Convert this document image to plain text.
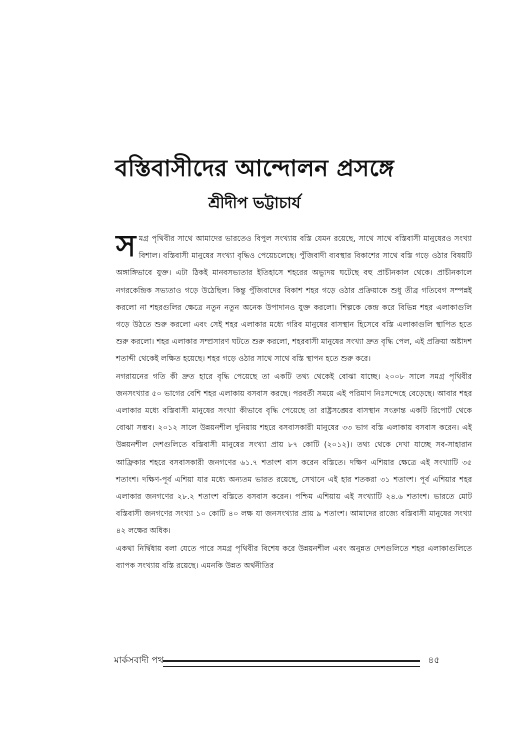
বস্তিবাসীদের আন্দোলন প্রসঙ্গে
শ্রীদীপ ভট্টাচার্য

সমগ্র পৃথিবীর সাথে আমাদের ভারতেও বিপুল সংখ্যায় বস্তি যেমন রয়েছে, সাথে সাথে বস্তিবাসী মানুষেরও সংখ্যা বিশাল। বস্তিবাসী মানুষের সংখ্যা বৃদ্ধিও পেয়েচলেছে। পুঁজিবাদী ব্যবস্থার বিকাশের সাথে বস্তি গড়ে ওঠার বিষয়টি অঙ্গাঙ্গিভাবে যুক্ত। এটা ঠিকই মানবসভ্যতার ইতিহাসে শহরের অভ্যুদয় ঘটেছে বহু প্রাচীনকাল থেকে। প্রাচীনকালে নগরকেন্দ্রিক সভ্যতাও গড়ে উঠেছিল। কিন্তু পুঁজিবাদের বিকাশ শহর গড়ে ওঠার প্রক্রিয়াকে শুধু তীব্র গতিবেগ সম্পন্নই করলো না শহরগুলির ক্ষেত্রে নতুন নতুন অনেক উপাদানও যুক্ত করলো। শিল্পকে কেন্দ্র করে বিভিন্ন শহর এলাকাগুলি গড়ে উঠতে শুরু করলো এবং সেই শহর এলাকার মধ্যে গরিব মানুষের বাসস্থান হিসেবে বস্তি এলাকাগুলি স্থাপিত হতে শুরু করলো। শহর এলাকার সম্প্রসারণ ঘটতে শুরু করলো, শহরবাসী মানুষের সংখ্যা দ্রুত বৃদ্ধি পেল, এই প্রক্রিয়া অষ্টাদশ শতাব্দী থেকেই লক্ষিত হয়েছে। শহর গড়ে ওঠার সাথে সাথে বস্তি স্থাপন হতে শুরু করে।

নগরায়নের গতি কী দ্রুত হারে বৃদ্ধি পেয়েছে তা একটি তথ্য থেকেই বোঝা যাচ্ছে। ২০০৮ সালে সমগ্র পৃথিবীর জনসংখ্যার ৫০ ভাগের বেশি শহর এলাকায় বসবাস করছে। পরবর্তী সময়ে এই পরিমাণ নিঃসন্দেহে বেড়েছে। আবার শহর এলাকার মধ্যে বস্তিবাসী মানুষের সংখ্যা কীভাবে বৃদ্ধি পেয়েছে তা রাষ্ট্রসঙ্ঘের বাসস্থান সংক্রান্ত একটি রিপোর্ট থেকে বোঝা সম্ভব। ২০১২ সালে উন্নয়নশীল দুনিয়ায় শহরে বসবাসকারী মানুষের ৩৩ ভাগ বস্তি এলাকায় বসবাস করেন। এই উন্নয়নশীল দেশগুলিতে বস্তিবাসী মানুষের সংখ্যা প্রায় ৮৭ কোটি (২০১২)। তথ্য থেকে দেখা যাচ্ছে সব-সাহারান আফ্রিকার শহরে বসবাসকারী জনগণের ৬১.৭ শতাংশ বাস করেন বস্তিতে। দক্ষিণ এশিয়ার ক্ষেত্রে এই সংখ্যাটি ৩৫ শতাংশ। দক্ষিণ-পূর্ব এশিয়া যার মধ্যে অন্যতম ভারত রয়েছে, সেখানে এই হার শতকরা ৩১ শতাংশ। পূর্ব এশিয়ার শহর এলাকার জনগণের ২৮.২ শতাংশ বস্তিতে বসবাস করেন। পশ্চিম এশিয়ায় এই সংখ্যাটি ২৪.৬ শতাংশ। ভারতে মোট বস্তিবাসী জনগণের সংখ্যা ১০ কোটি ৪০ লক্ষ যা জনসংখ্যার প্রায় ৯ শতাংশ। আমাদের রাজ্যে বস্তিবাসী মানুষের সংখ্যা ৪২ লক্ষের অধিক।

একথা নির্দ্বিধায় বলা যেতে পারে সমগ্র পৃথিবীর বিশেষ করে উন্নয়নশীল এবং অনুন্নত দেশগুলিতে শহর এলাকাগুলিতে ব্যাপক সংখ্যায় বস্তি রয়েছে। এমনকি উন্নত অর্থনীতির

মার্কসবাদী পথ	৪৫
